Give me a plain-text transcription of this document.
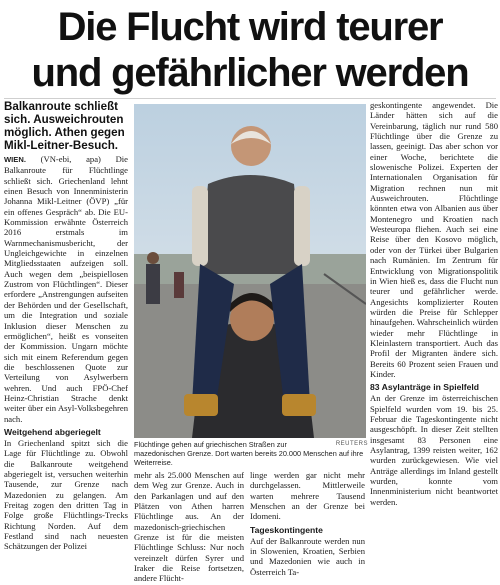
Die Flucht wird teurer
und gefährlicher werden
Balkanroute schließt sich. Ausweichrouten möglich. Athen gegen Mikl-Leitner-Besuch.

WIEN. (VN-ebi, apa) Die Balkanroute für Flüchtlinge schließt sich. Griechenland lehnt einen Besuch von Innenministerin Johanna Mikl-Leitner (ÖVP) „für ein offenes Gespräch“ ab. Die EU-Kommission erwähnte Österreich 2016 erstmals im Warnmechanismusbericht, der Ungleichgewichte in einzelnen Mitgliedsstaaten aufzeigen soll. Auch wegen dem „beispiellosen Zustrom von Flüchtlingen“. Dieser erfordere „Anstrengungen aufseiten der Behörden und der Gesellschaft, um die Integration und soziale Inklusion dieser Menschen zu ermöglichen“, heißt es vonseiten der Kommission. Ungarn möchte sich mit einem Referendum gegen die beschlossenen Quote zur Verteilung von Asylwerbern wehren. Und auch FPÖ-Chef Heinz-Christian Strache denkt weiter über ein Asyl-Volksbegehren nach.

Weitgehend abgeriegelt

In Griechenland spitzt sich die Lage für Flüchtlinge zu. Obwohl die Balkanroute weitgehend abgeriegelt ist, versuchen weiterhin Tausende, zur Grenze nach Mazedonien zu gelangen. Am Freitag zogen den dritten Tag in Folge große Flüchtlings-Trecks Richtung Norden. Auf dem Festland sind nach neuesten Schätzungen der Polizei

REUTERS
Flüchtlinge gehen auf griechischen Straßen zur mazedonischen Grenze. Dort warten bereits 20.000 Menschen auf ihre Weiterreise.

mehr als 25.000 Menschen auf dem Weg zur Grenze. Auch in den Parkanlagen und auf den Plätzen von Athen harren Flüchtlinge aus. An der mazedonisch-griechischen Grenze ist für die meisten Flüchtlinge Schluss: Nur noch vereinzelt dürfen Syrer und Iraker die Reise fortsetzen, andere Flücht-

linge werden gar nicht mehr durchgelassen. Mittlerweile warten mehrere Tausend Menschen an der Grenze bei Idomeni.

Tageskontingente

Auf der Balkanroute werden nun in Slowenien, Kroatien, Serbien und Mazedonien wie auch in Österreich Ta-

geskontingente angewendet. Die Länder hätten sich auf die Vereinbarung, täglich nur rund 580 Flüchtlinge über die Grenze zu lassen, geeinigt. Das aber schon vor einer Woche, berichtete die slowenische Polizei. Experten der Internationalen Organisation für Migration rechnen nun mit Ausweichrouten. Flüchtlinge könnten etwa von Albanien aus über Montenegro und Kroatien nach Westeuropa fliehen. Auch sei eine Reise über den Kosovo möglich, oder von der Türkei über Bulgarien nach Rumänien. Im Zentrum für Entwicklung von Migrationspolitik in Wien hieß es, dass die Flucht nun teurer und gefährlicher werde. Angesichts komplizierter Routen würden die Preise für Schlepper hinaufgehen. Wahrscheinlich würden wieder mehr Flüchtlinge in Kleinlastern transportiert. Auch das Profil der Migranten ändere sich. Bereits 60 Prozent seien Frauen und Kinder.

83 Asylanträge in Spielfeld

An der Grenze im österreichischen Spielfeld wurden vom 19. bis 25. Februar die Tageskontingente nicht ausgeschöpft. In dieser Zeit stellten insgesamt 83 Personen eine Asylantrag, 1399 reisten weiter, 162 wurden zurückgewiesen. Wie viel Anträge allerdings im Inland gestellt wurden, konnte vom Innenministerium nicht beantwortet werden.
